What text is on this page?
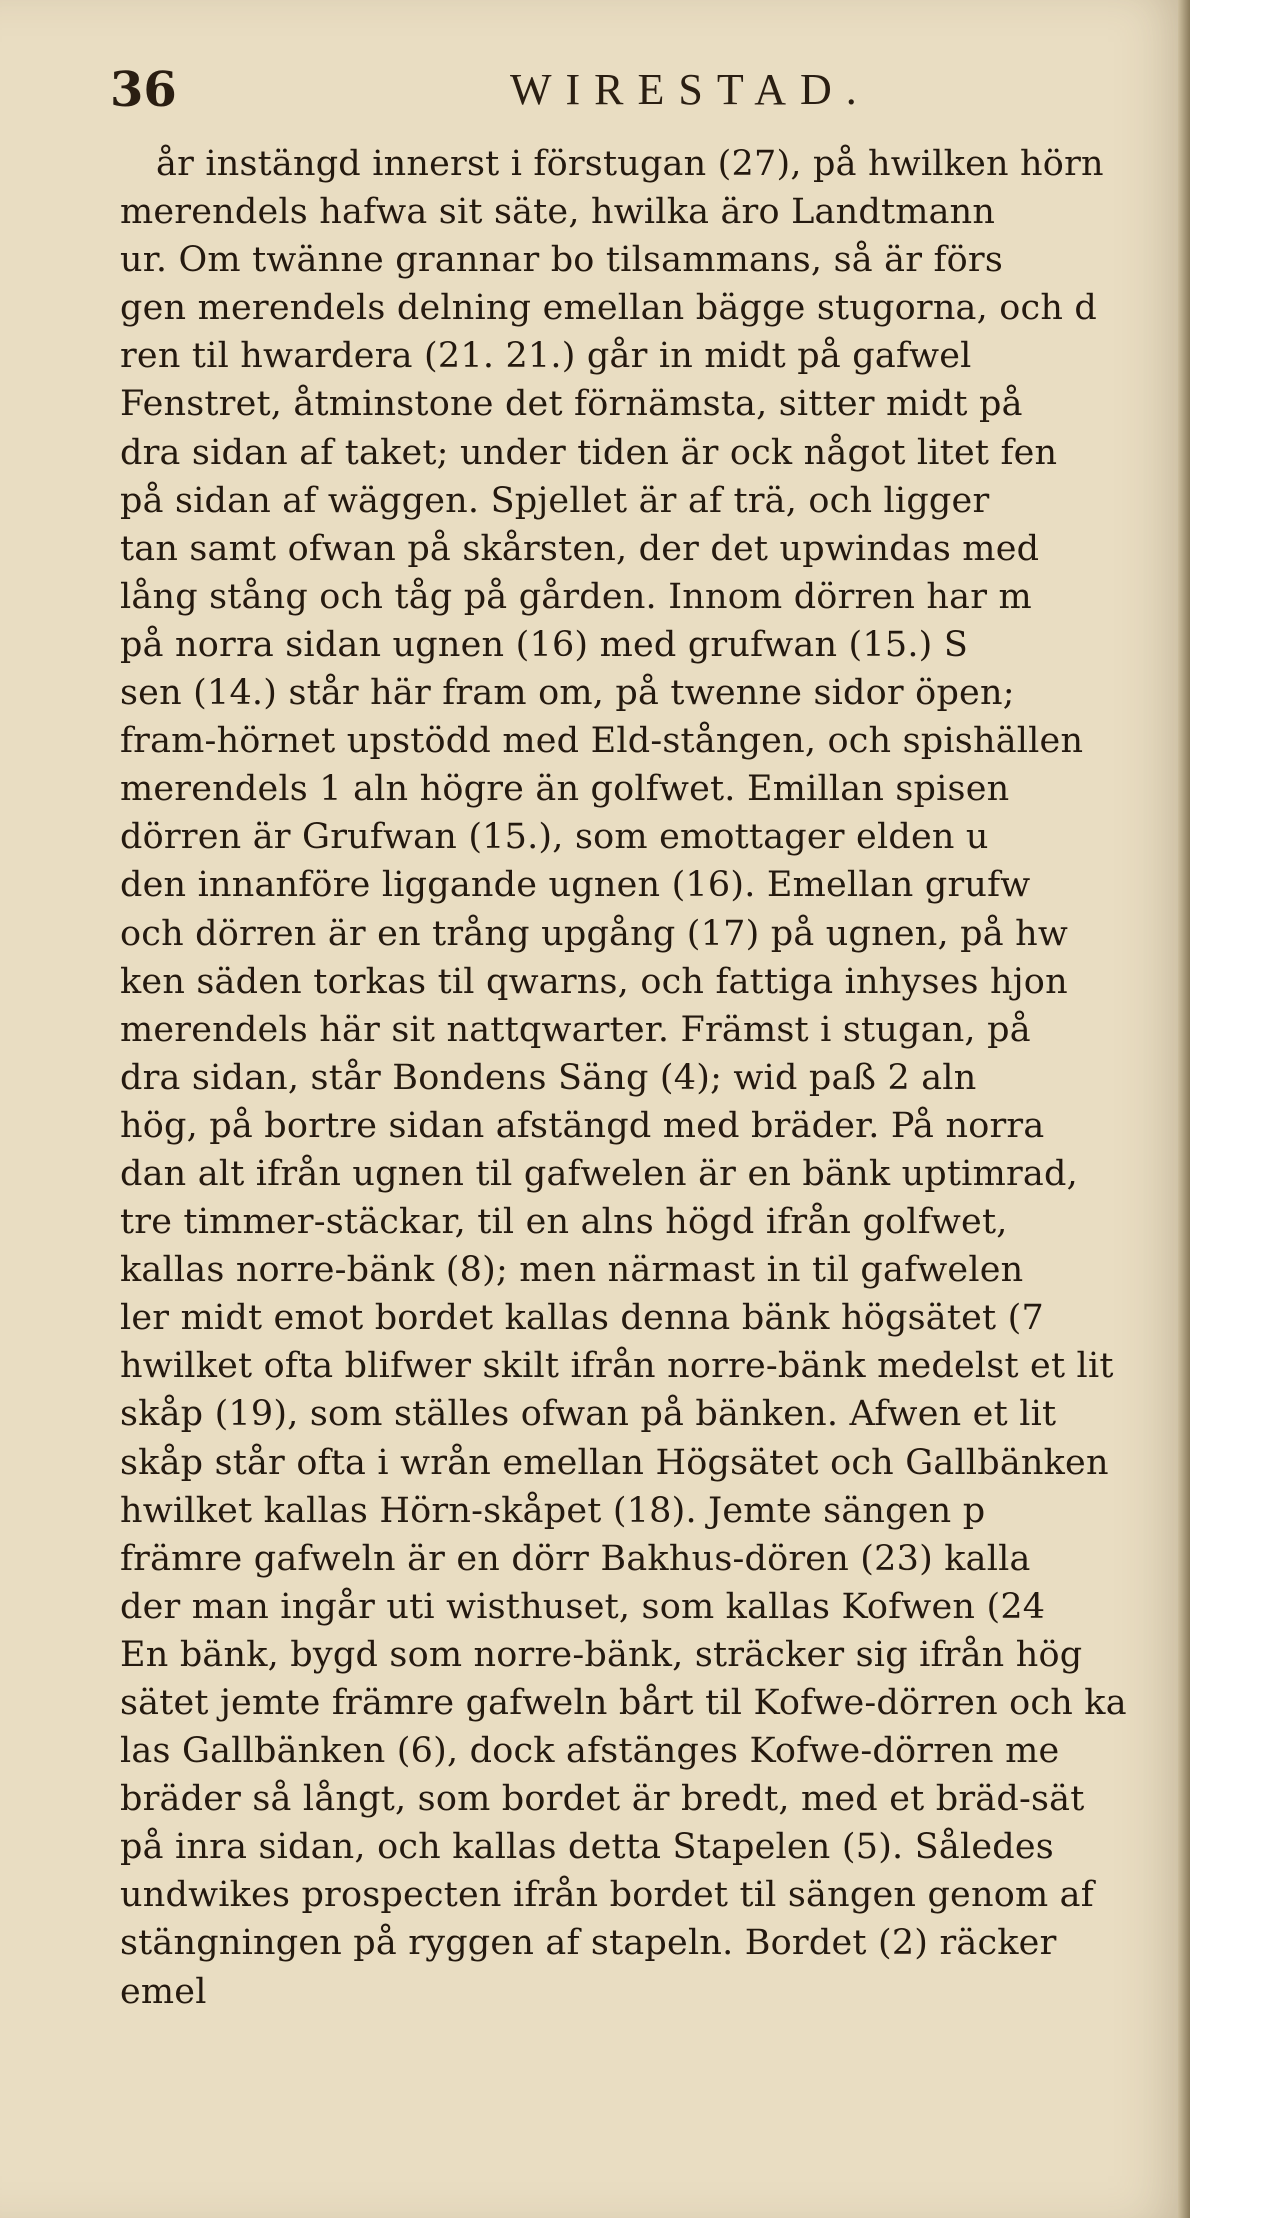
36	WIRESTAD.
år instängd innerst i förstugan (27), på hwilken hörn
merendels hafwa sit säte, hwilka äro Landtmann
ur. Om twänne grannar bo tilsammans, så är förs
gen merendels delning emellan bägge stugorna, och d
ren til hwardera (21. 21.) går in midt på gafwel
Fenstret, åtminstone det förnämsta, sitter midt på
dra sidan af taket; under tiden är ock något litet fen
på sidan af wäggen. Spjellet är af trä, och ligger
tan samt ofwan på skårsten, der det upwindas med
lång stång och tåg på gården. Innom dörren har m
på norra sidan ugnen (16) med grufwan (15.) S
sen (14.) står här fram om, på twenne sidor öpen;
fram-hörnet upstödd med Eld-stången, och spishällen
merendels 1 aln högre än golfwet. Emillan spisen
dörren är Grufwan (15.), som emottager elden u
den innanföre liggande ugnen (16). Emellan grufw
och dörren är en trång upgång (17) på ugnen, på hw
ken säden torkas til qwarns, och fattiga inhyses hjon
merendels här sit nattqwarter. Främst i stugan, på
dra sidan, står Bondens Säng (4); wid paß 2 aln
hög, på bortre sidan afstängd med bräder. På norra
dan alt ifrån ugnen til gafwelen är en bänk uptimrad,
tre timmer-stäckar, til en alns högd ifrån golfwet,
kallas norre-bänk (8); men närmast in til gafwelen
ler midt emot bordet kallas denna bänk högsätet (7
hwilket ofta blifwer skilt ifrån norre-bänk medelst et lit
skåp (19), som ställes ofwan på bänken. Afwen et lit
skåp står ofta i wrån emellan Högsätet och Gallbänken
hwilket kallas Hörn-skåpet (18). Jemte sängen p
främre gafweln är en dörr Bakhus-dören (23) kalla
der man ingår uti wisthuset, som kallas Kofwen (24
En bänk, bygd som norre-bänk, sträcker sig ifrån hög
sätet jemte främre gafweln bårt til Kofwe-dörren och ka
las Gallbänken (6), dock afstänges Kofwe-dörren me
bräder så långt, som bordet är bredt, med et bräd-sät
på inra sidan, och kallas detta Stapelen (5). Således
undwikes prospecten ifrån bordet til sängen genom af
stängningen på ryggen af stapeln. Bordet (2) räcker
emel
